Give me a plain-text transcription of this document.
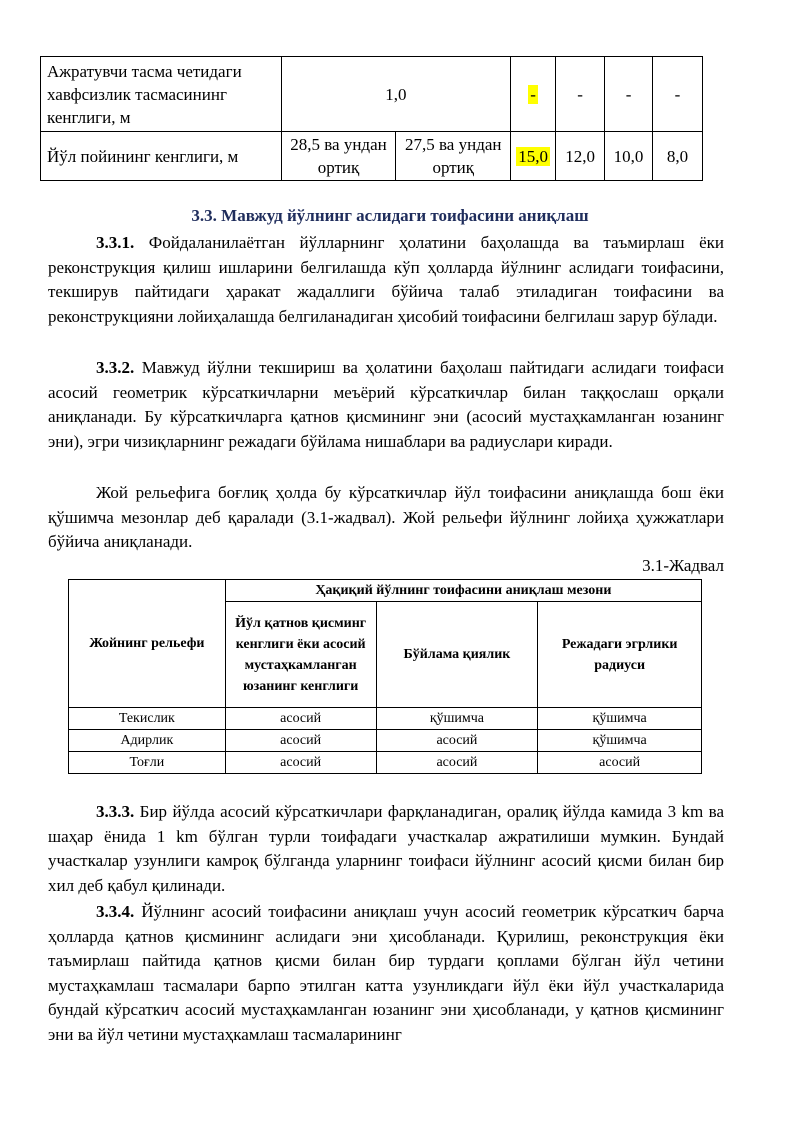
Ажратувчи тасма четидаги хавфсизлик тасмасининг кенглиги, м	1,0		-	-	-	-
Йўл пойининг кенглиги, м	28,5 ва ундан ортиқ	27,5 ва ундан ортиқ	15,0	12,0	10,0	8,0
3.3. Мавжуд йўлнинг аслидаги тоифасини аниқлаш

3.3.1. Фойдаланилаётган йўлларнинг ҳолатини баҳолашда ва таъмирлаш ёки реконструкция қилиш ишларини белгилашда кўп ҳолларда йўлнинг аслидаги тоифасини, текширув пайтидаги ҳаракат жадаллиги бўйича талаб этиладиган тоифасини ва реконструкцияни лойиҳалашда белгиланадиган ҳисобий тоифасини белгилаш зарур бўлади.

3.3.2. Мавжуд йўлни текшириш ва ҳолатини баҳолаш пайтидаги аслидаги тоифаси асосий геометрик кўрсаткичларни меъёрий кўрсаткичлар билан таққослаш орқали аниқланади. Бу кўрсаткичларга қатнов қисмининг эни (асосий мустаҳкамланган юзанинг эни), эгри чизиқларнинг режадаги бўйлама нишаблари ва радиуслари киради.

Жой рельефига боғлиқ ҳолда бу кўрсаткичлар йўл тоифасини аниқлашда бош ёки қўшимча мезонлар деб қаралади (3.1-жадвал). Жой рельефи йўлнинг лойиҳа ҳужжатлари бўйича аниқланади.

3.1-Жадвал
Жойнинг рельефи	Ҳақиқий йўлнинг тоифасини аниқлаш мезони		
	Йўл қатнов қисминг кенглиги ёки асосий мустаҳкамланган юзанинг кенглиги	Бўйлама қиялик	Режадаги эгрлики радиуси
Текислик	асосий	қўшимча	қўшимча
Адирлик	асосий	асосий	қўшимча
Тоғли	асосий	асосий	асосий

3.3.3. Бир йўлда асосий кўрсаткичлари фарқланадиган, оралиқ йўлда камида 3 km ва шаҳар ёнида 1 km бўлган турли тоифадаги участкалар ажратилиши мумкин. Бундай участкалар узунлиги камроқ бўлганда уларнинг тоифаси йўлнинг асосий қисми билан бир хил деб қабул қилинади.

3.3.4. Йўлнинг асосий тоифасини аниқлаш учун асосий геометрик кўрсаткич барча ҳолларда қатнов қисмининг аслидаги эни ҳисобланади. Қурилиш, реконструкция ёки таъмирлаш пайтида қатнов қисми билан бир турдаги қоплами бўлган йўл четини мустаҳкамлаш тасмалари барпо этилган катта узунликдаги йўл ёки йўл участкаларида бундай кўрсаткич асосий мустаҳкамланган юзанинг эни ҳисобланади, у қатнов қисмининг эни ва йўл четини мустаҳкамлаш тасмаларининг
